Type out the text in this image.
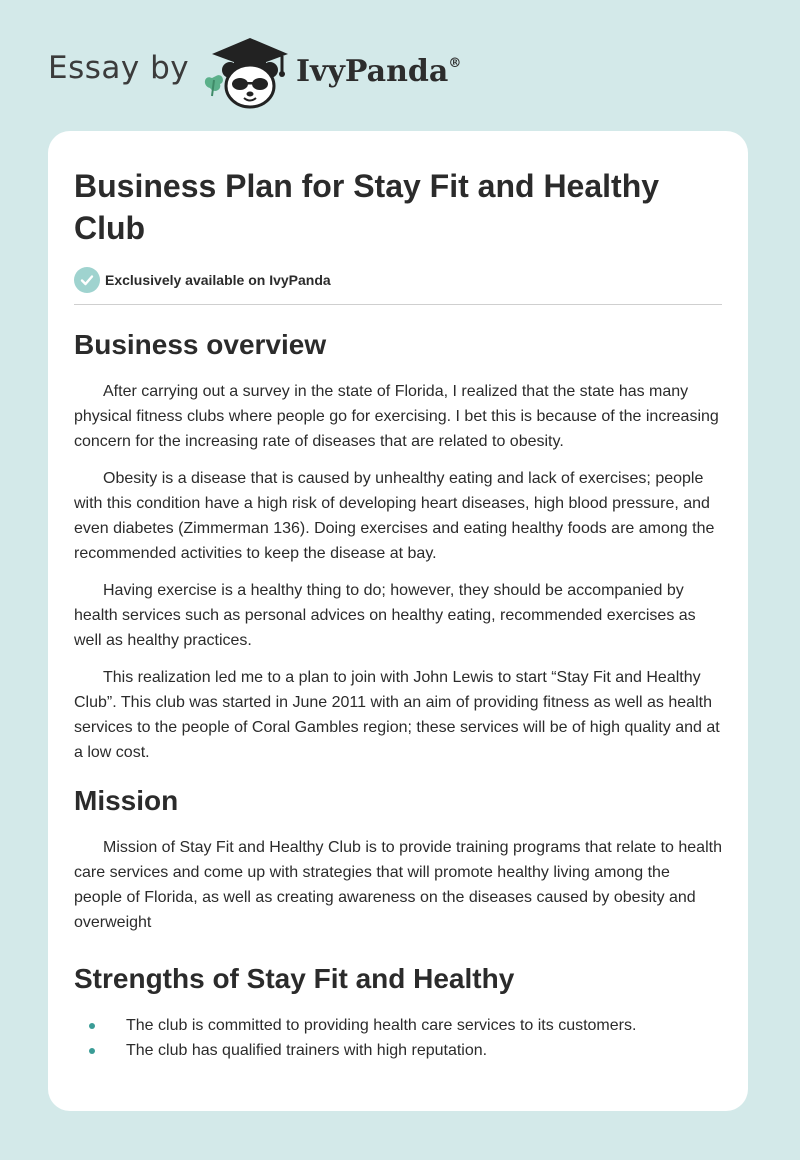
Essay by	IvyPanda®
Business Plan for Stay Fit and Healthy Club
Exclusively available on IvyPanda
Business overview

After carrying out a survey in the state of Florida, I realized that the state has many physical fitness clubs where people go for exercising. I bet this is because of the increasing concern for the increasing rate of diseases that are related to obesity.

Obesity is a disease that is caused by unhealthy eating and lack of exercises; people with this condition have a high risk of developing heart diseases, high blood pressure, and even diabetes (Zimmerman 136). Doing exercises and eating healthy foods are among the recommended activities to keep the disease at bay.

Having exercise is a healthy thing to do; however, they should be accompanied by health services such as personal advices on healthy eating, recommended exercises as well as healthy practices.

This realization led me to a plan to join with John Lewis to start “Stay Fit and Healthy Club”. This club was started in June 2011 with an aim of providing fitness as well as health services to the people of Coral Gambles region; these services will be of high quality and at a low cost.

Mission

Mission of Stay Fit and Healthy Club is to provide training programs that relate to health care services and come up with strategies that will promote healthy living among the people of Florida, as well as creating awareness on the diseases caused by obesity and overweight

Strengths of Stay Fit and Healthy
The club is committed to providing health care services to its customers.
The club has qualified trainers with high reputation.
